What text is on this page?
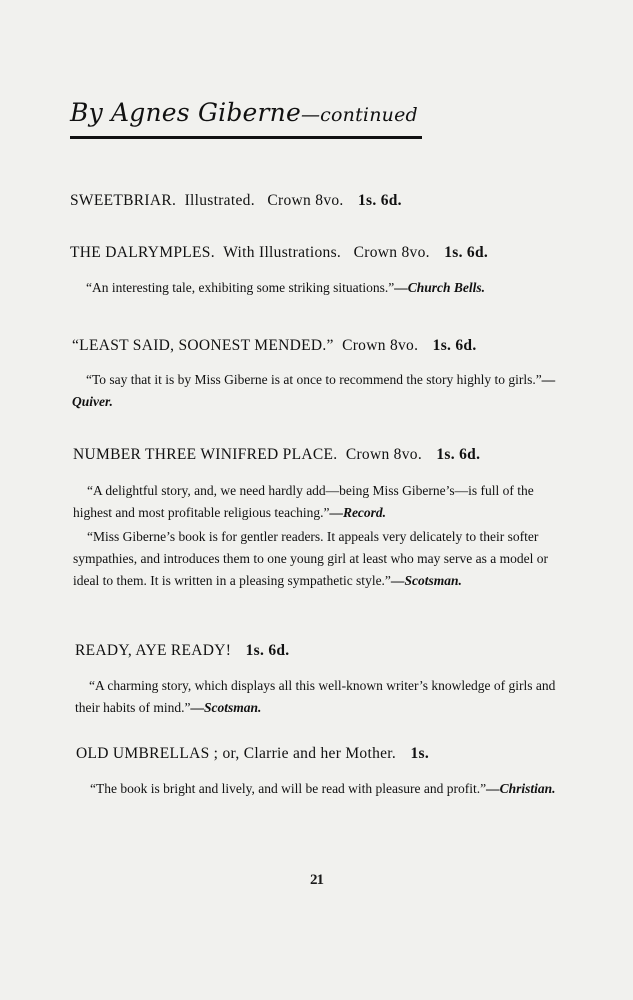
By Agnes Giberne—continued
SWEETBRIAR. Illustrated.   Crown 8vo. 1s. 6d.
THE DALRYMPLES. With Illustrations.   Crown 8vo. 1s. 6d.
“An interesting tale, exhibiting some striking situations.”—Church Bells.
“LEAST SAID, SOONEST MENDED.” Crown 8vo. 1s. 6d.
“To say that it is by Miss Giberne is at once to recommend the story highly to girls.”—Quiver.
NUMBER THREE WINIFRED PLACE. Crown 8vo. 1s. 6d.
“A delightful story, and, we need hardly add—being Miss Giberne’s—is full of the highest and most profitable religious teaching.”—Record.
“Miss Giberne’s book is for gentler readers. It appeals very delicately to their softer sympathies, and introduces them to one young girl at least who may serve as a model or ideal to them. It is written in a pleasing sympathetic style.”—Scotsman.
READY, AYE READY! 1s. 6d.
“A charming story, which displays all this well-known writer’s knowledge of girls and their habits of mind.”—Scotsman.
OLD UMBRELLAS ; or, Clarrie and her Mother. 1s.
“The book is bright and lively, and will be read with pleasure and profit.”—Christian.
21
